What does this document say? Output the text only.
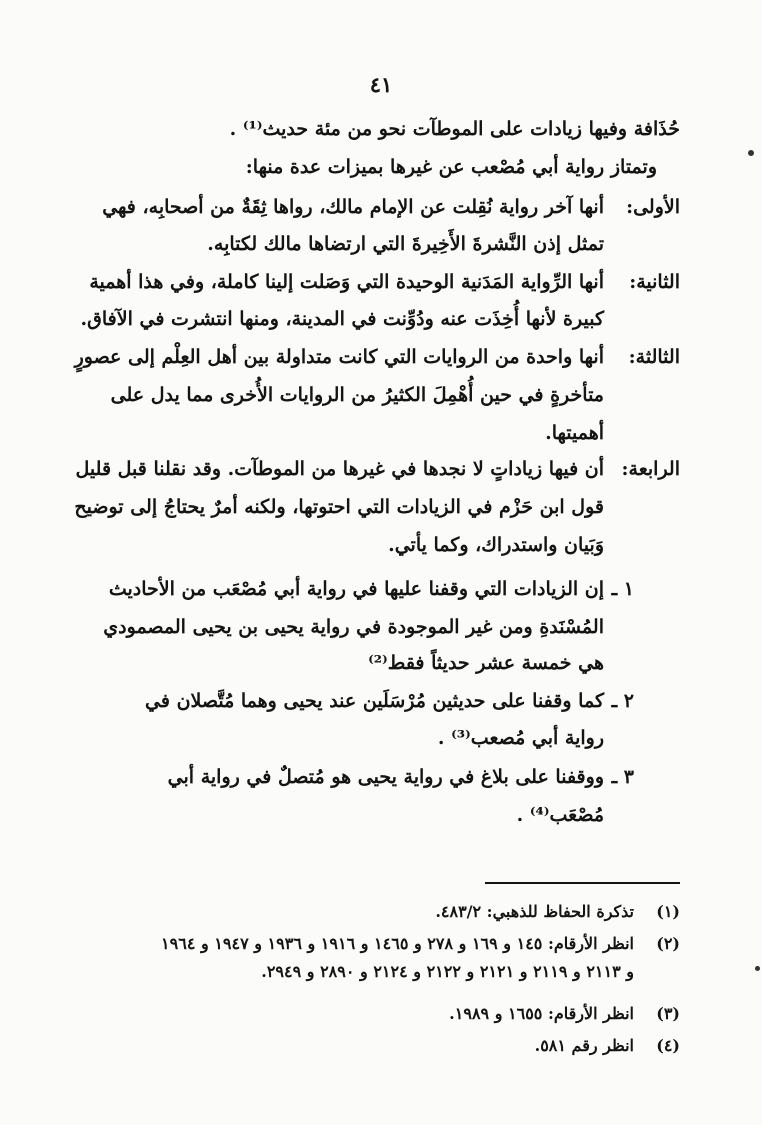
٤١
حُذَافة وفيها زيادات على الموطآت نحو من مئة حديث⁽¹⁾ .
وتمتاز رواية أبي مُصْعب عن غيرها بميزات عدة منها:
الأولى:
أنها آخر رواية نُقِلت عن الإمام مالك، رواها ثِقَةٌ من أصحابِه، فهي
تمثل إذن النَّشرةَ الأَخِيرةَ التي ارتضاها مالك لكتابِه.
الثانية:
أنها الرِّواية المَدَنية الوحيدة التي وَصَلت إلينا كاملة، وفي هذا أهمية
كبيرة لأنها أُخِذَت عنه ودُوِّنت في المدينة، ومنها انتشرت في الآفاق.
الثالثة:
أنها واحدة من الروايات التي كانت متداولة بين أهل العِلْم إلى عصورٍ
متأخرةٍ في حين أُهْمِلَ الكثيرُ من الروايات الأُخرى مما يدل على
أهميتها.
الرابعة:
أن فيها زياداتٍ لا نجدها في غيرها من الموطآت. وقد نقلنا قبل قليل
قول ابن حَزْم في الزيادات التي احتوتها، ولكنه أمرٌ يحتاجُ إلى توضيح
وَبَيان واستدراك، وكما يأتي.
١ ـ
إن الزيادات التي وقفنا عليها في رواية أبي مُصْعَب من الأحاديث
المُسْنَدةِ ومن غير الموجودة في رواية يحيى بن يحيى المصمودي
هي خمسة عشر حديثاً فقط⁽²⁾
٢ ـ
كما وقفنا على حديثين مُرْسَلَين عند يحيى وهما مُتَّصلان في
رواية أبي مُصعب⁽³⁾ .
٣ ـ
ووقفنا على بلاغ في رواية يحيى هو مُتصلٌ في رواية أبي
مُصْعَب⁽⁴⁾ .
(١)
تذكرة الحفاظ للذهبي: ٤٨٣/٢.
(٢)
انظر الأرقام: ١٤٥ و ١٦٩ و ٢٧٨ و ١٤٦٥ و ١٩١٦ و ١٩٣٦ و ١٩٤٧ و ١٩٦٤
و ٢١١٣ و ٢١١٩ و ٢١٢١ و ٢١٢٢ و ٢١٢٤ و ٢٨٩٠ و ٢٩٤٩.
(٣)
انظر الأرقام: ١٦٥٥ و ١٩٨٩.
(٤)
انظر رقم ٥٨١.
